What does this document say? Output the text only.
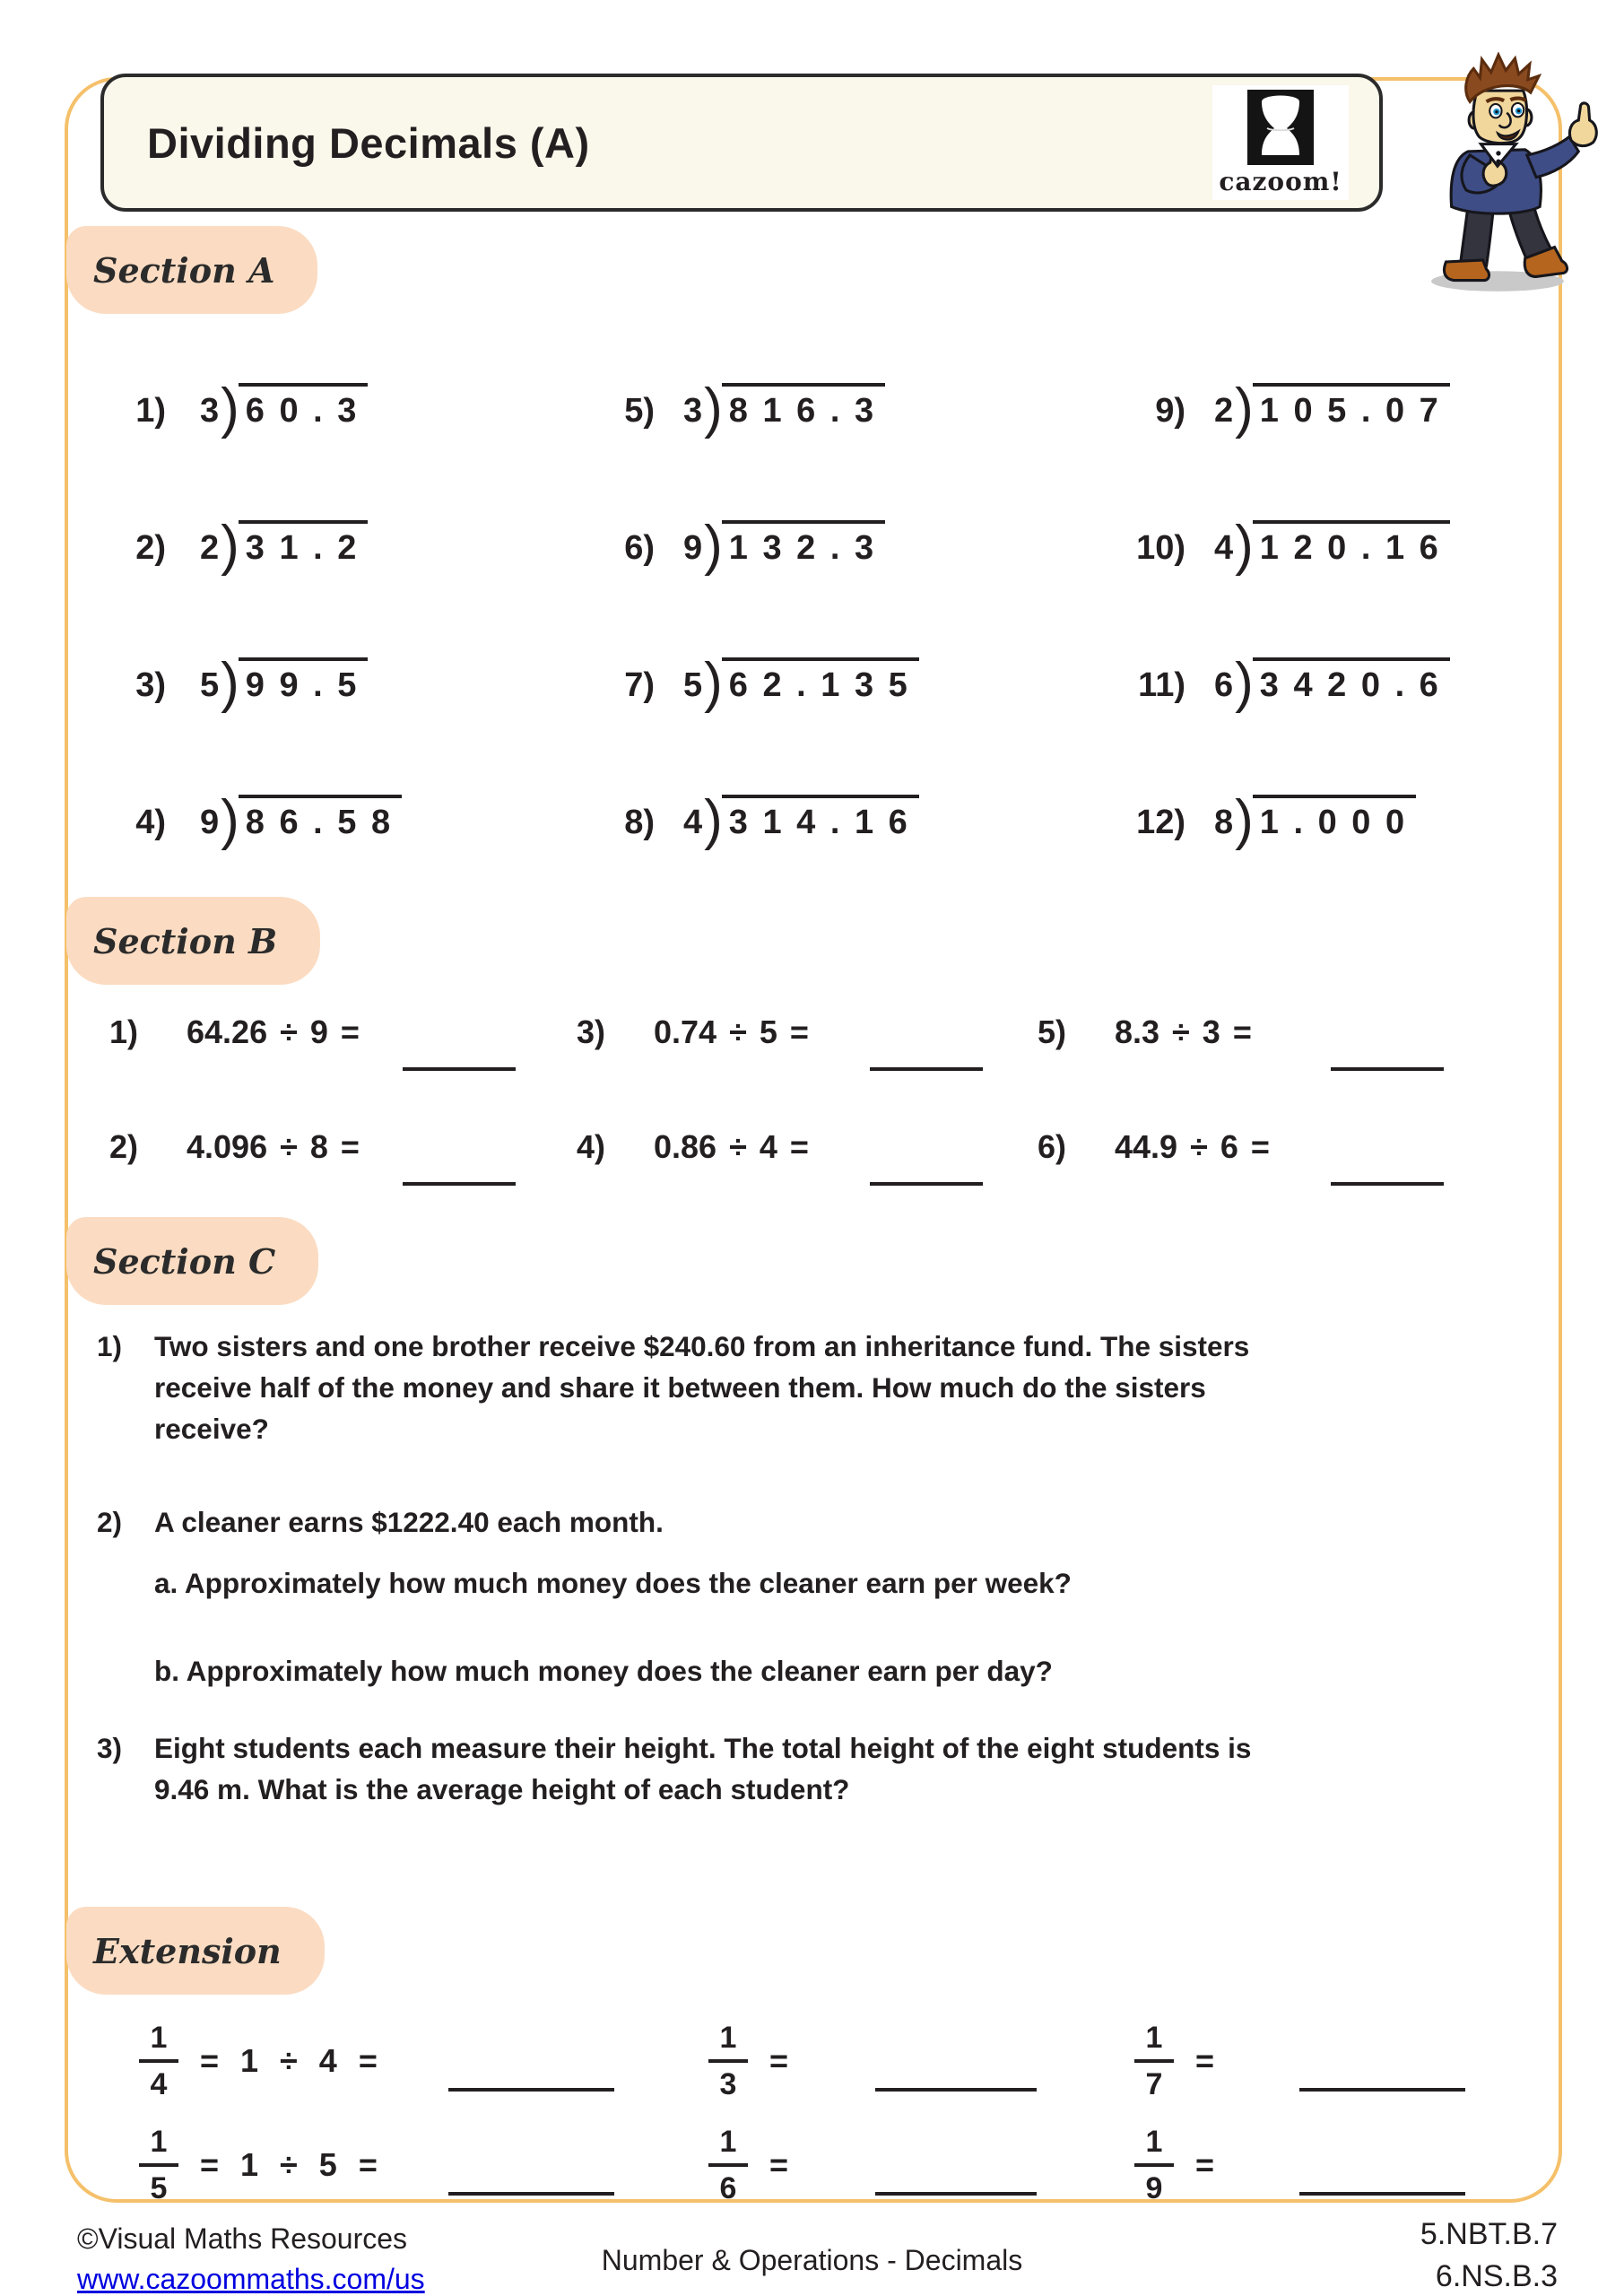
Dividing Decimals (A)
cazoom!
Section A
Section B
Section C
Extension
1) 3 ) 6 0 . 3
2) 2 ) 3 1 . 2
3) 5 ) 9 9 . 5
4) 9 ) 8 6 . 5 8
5) 3 ) 8 1 6 . 3
6) 9 ) 1 3 2 . 3
7) 5 ) 6 2 . 1 3 5
8) 4 ) 3 1 4 . 1 6
9) 2 ) 1 0 5 . 0 7
10) 4 ) 1 2 0 . 1 6
11) 6 ) 3 4 2 0 . 6
12) 8 ) 1 . 0 0 0
1) 64.26 ÷ 9 =
2) 4.096 ÷ 8 =
3) 0.74 ÷ 5 =
4) 0.86 ÷ 4 =
5) 8.3 ÷ 3 =
6) 44.9 ÷ 6 =
1)	Two sisters and one brother receive $240.60 from an inheritance fund. The sisters receive half of the money and share it between them. How much do the sisters receive?
2)	A cleaner earns $1222.40 each month.
a. Approximately how much money does the cleaner earn per week?
b. Approximately how much money does the cleaner earn per day?
3)	Eight students each measure their height. The total height of the eight students is 9.46 m. What is the average height of each student?
$\frac{1}{4} = 1 \div 4$ =	$\frac{1}{3}$ =	$\frac{1}{7}$ =
$\frac{1}{5} = 1 \div 5$ =	$\frac{1}{6}$ =	$\frac{1}{9}$ =
©Visual Maths Resources
www.cazoommaths.com/us
Number & Operations - Decimals
5.NBT.B.7
6.NS.B.3
